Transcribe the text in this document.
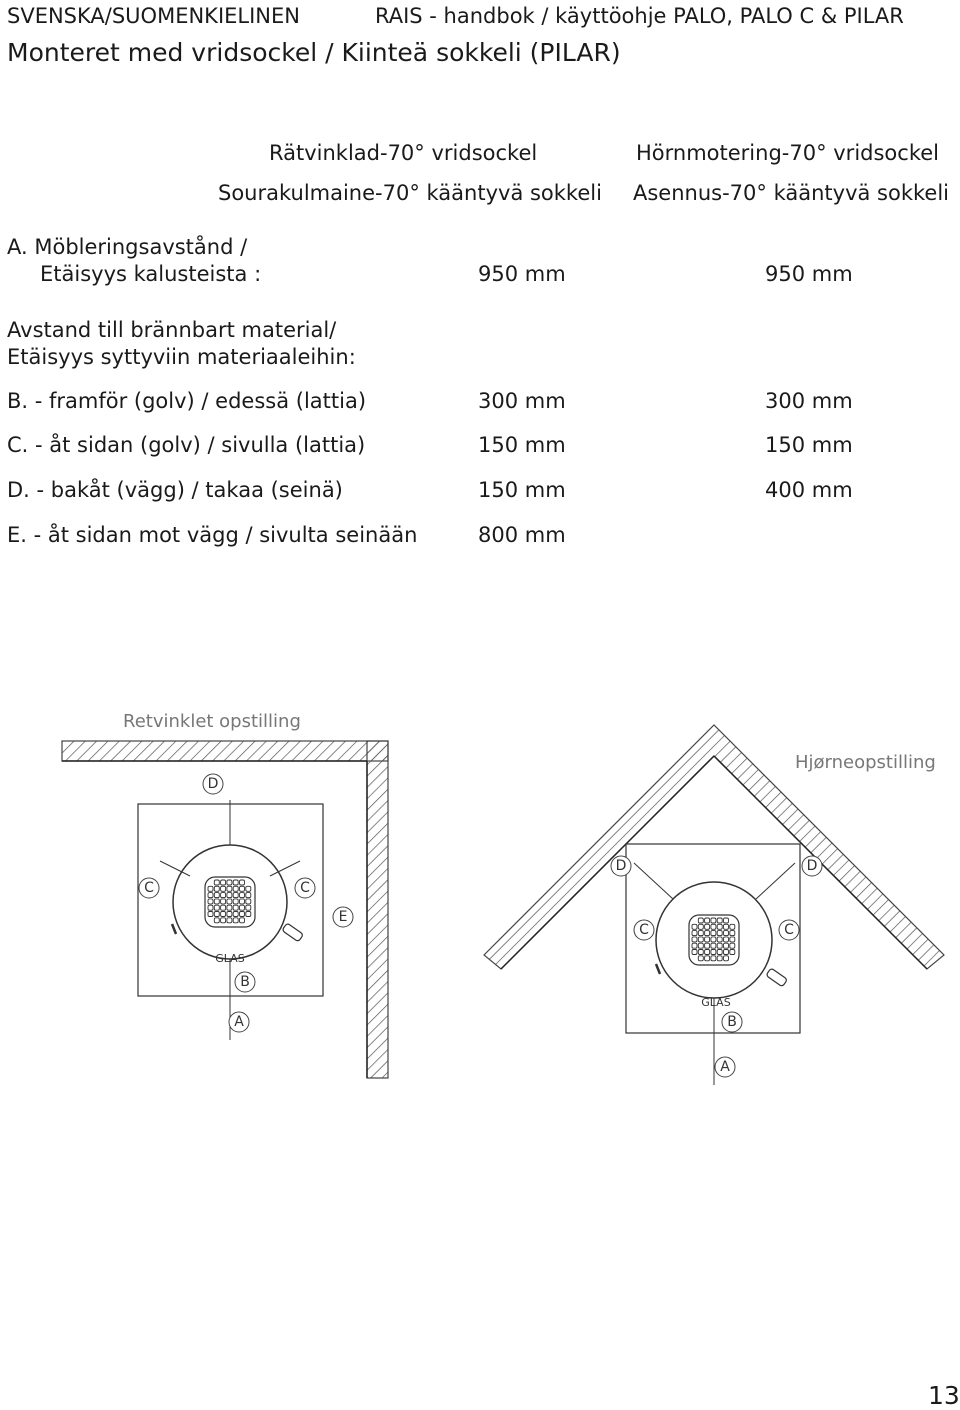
SVENSKA/SUOMENKIELINEN	RAIS - handbok / käyttöohje PALO, PALO C & PILAR
Monteret med vridsockel / Kiinteä sokkeli (PILAR)
Rätvinklad-70° vridsockel
Sourakulmaine-70° kääntyvä sokkeli
Hörnmotering-70° vridsockel
Asennus-70° kääntyvä sokkeli
A. Möbleringsavstånd /
Etäisyys kalusteista :	950 mm	950 mm
Avstand till brännbart material/
Etäisyys syttyviin materiaaleihin:
B. - framför (golv) / edessä (lattia)	300 mm	300 mm
C. - åt sidan (golv) / sivulla (lattia)	150 mm	150 mm
D. - bakåt (vägg) / takaa (seinä)	150 mm	400 mm
E. - åt sidan mot vägg / sivulta seinään	800 mm
Retvinklet opstilling
D
C	C
E
GLAS
B
A
Hjørneopstilling
D	D
C	C
GLAS
B
A
13
